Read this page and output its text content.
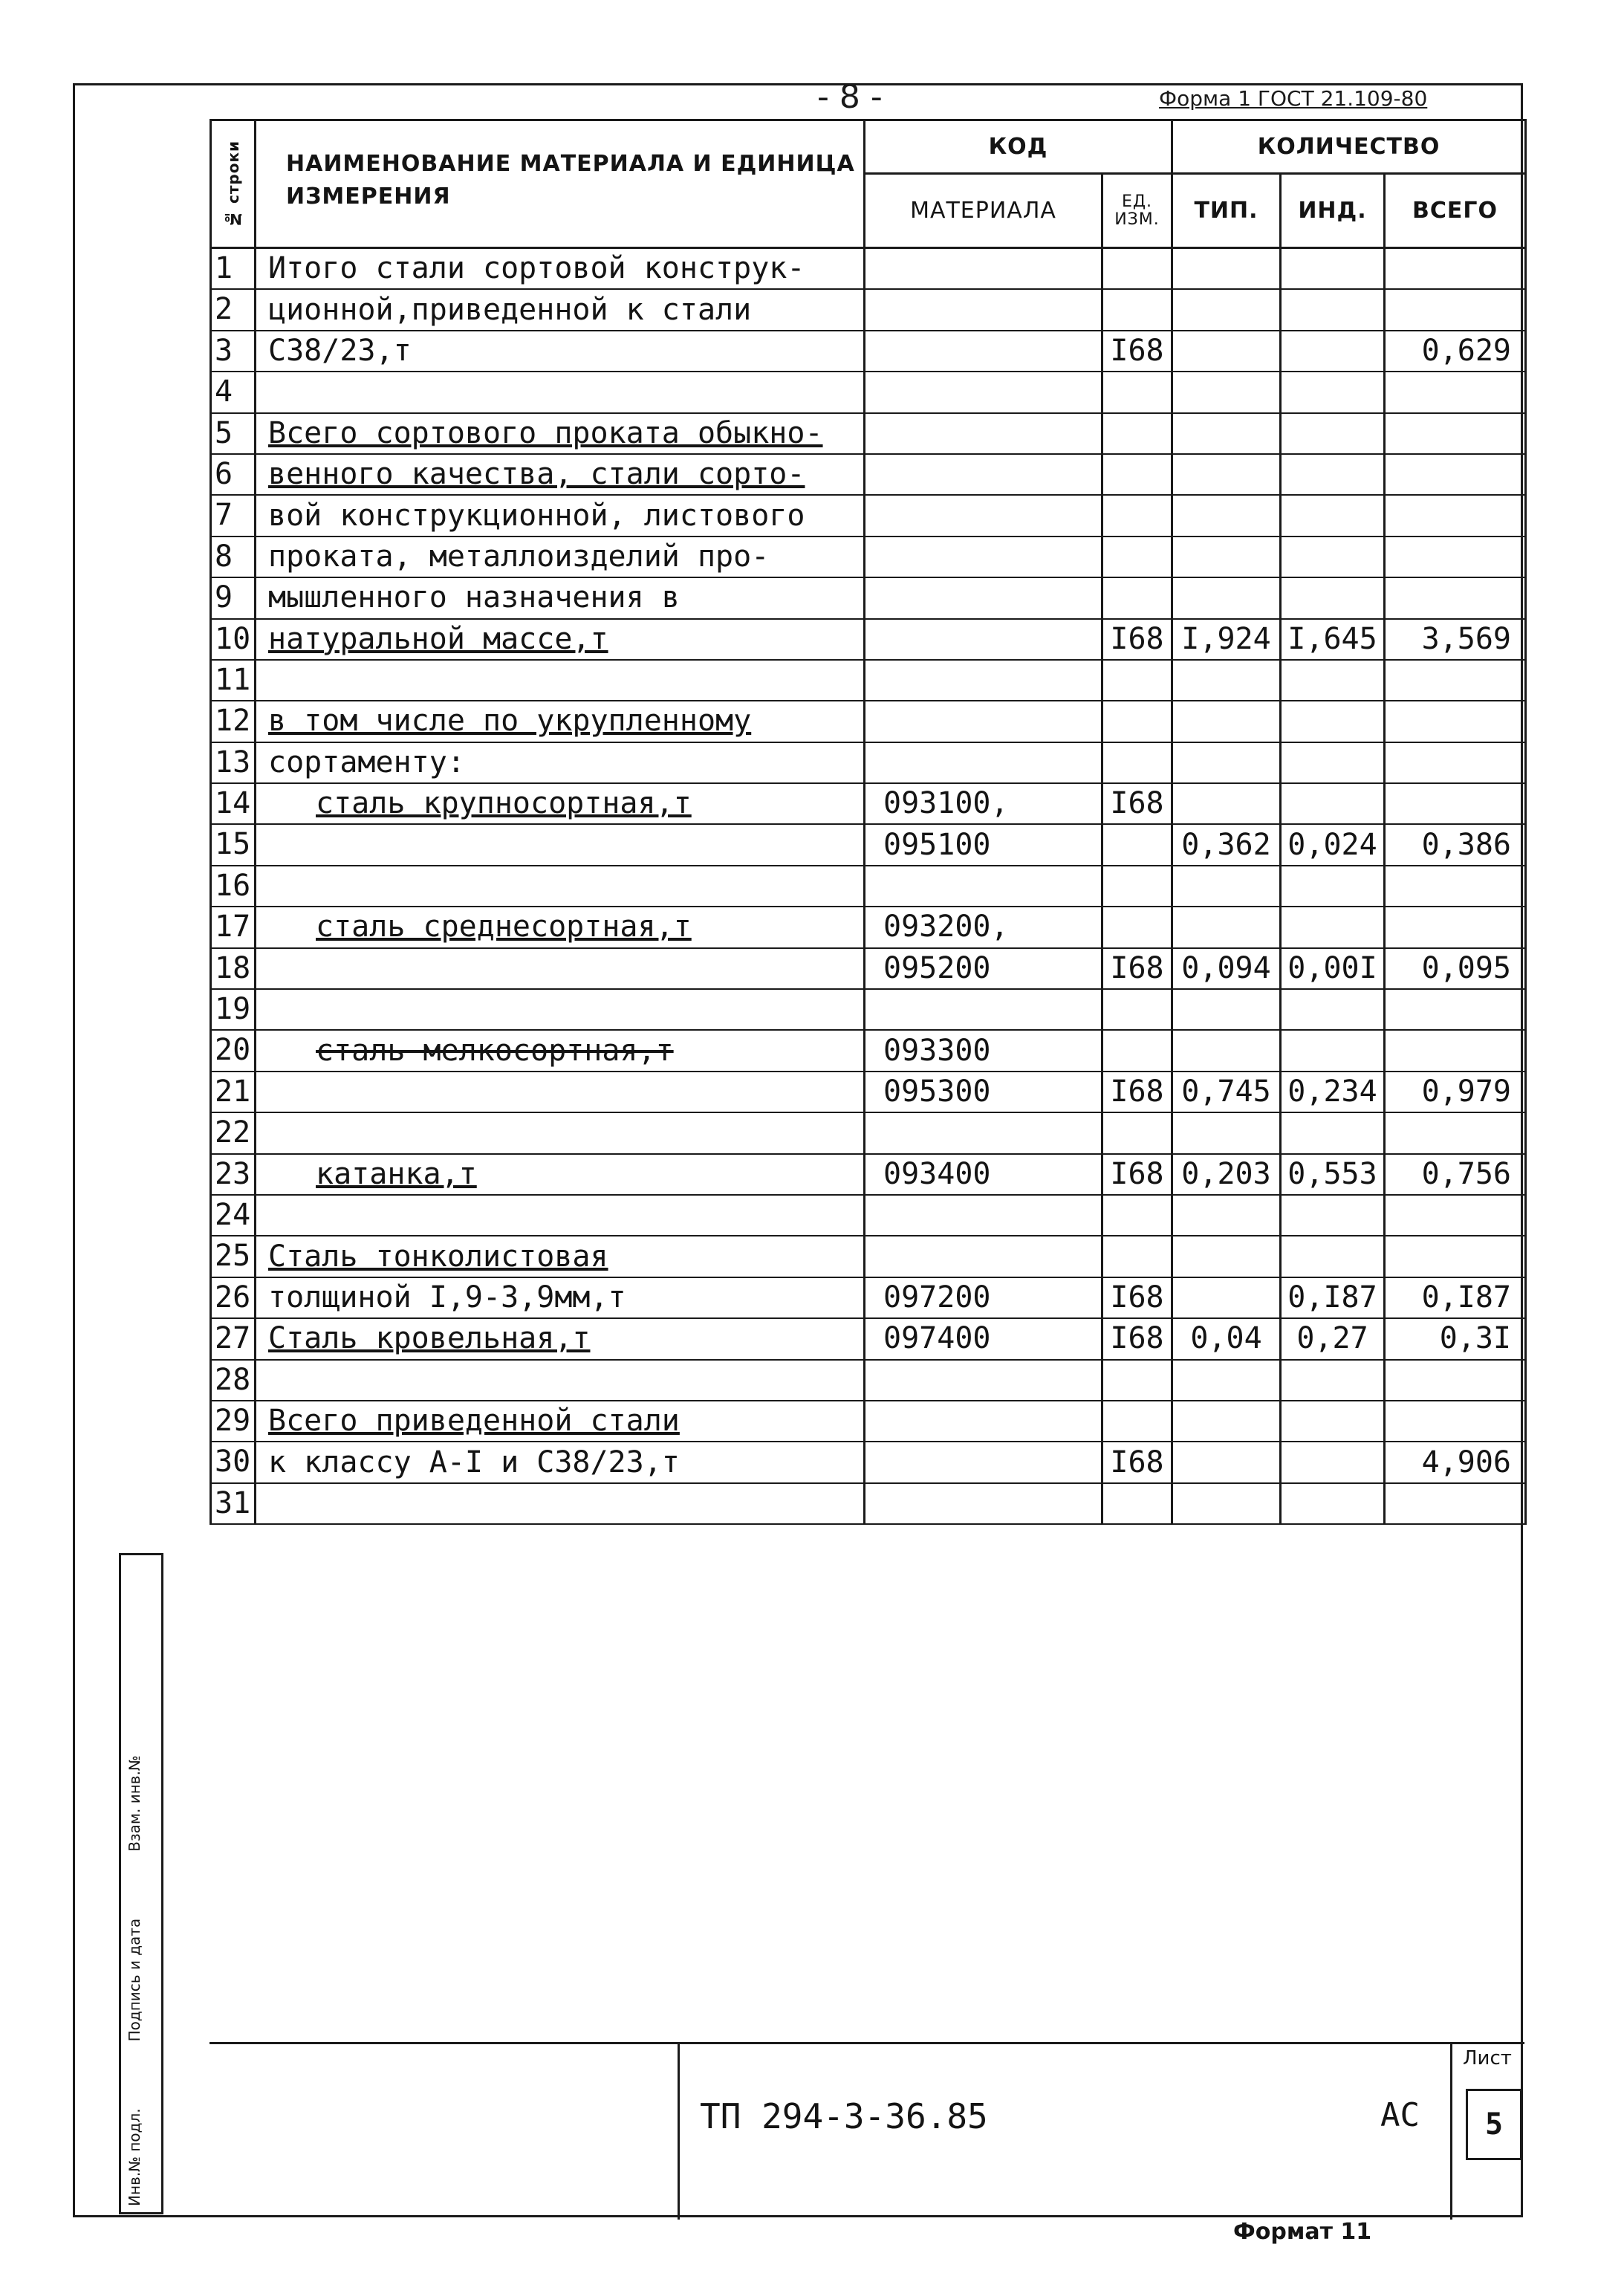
- 8 -	Форма 1 ГОСТ 21.109-80
№ строки	НАИМЕНОВАНИЕ МАТЕРИАЛА И ЕДИНИЦА ИЗМЕРЕНИЯ	КОД		КОЛИЧЕСТВО		
		МАТЕРИАЛА	ЕД. ИЗМ.	ТИП.	ИНД.	ВСЕГО
1	Итого стали сортовой конструк-					
2	ционной,приведенной к стали					
3	С38/23,т		I68			0,629
4						
5	Всего сортового проката обыкно-					
6	венного качества, стали сорто-					
7	вой конструкционной, листового					
8	проката, металлоизделий про-					
9	мышленного назначения в					
10	натуральной массе,т		I68	I,924	I,645	3,569
11						
12	в том числе по укрупленному					
13	сортаменту:					
14	сталь крупносортная,т	093100,	I68			
15		095100		0,362	0,024	0,386
16						
17	сталь среднесортная,т	093200,				
18		095200	I68	0,094	0,00I	0,095
19						
20	сталь мелкосортная,т	093300				
21		095300	I68	0,745	0,234	0,979
22						
23	катанка,т	093400	I68	0,203	0,553	0,756
24						
25	Сталь тонколистовая					
26	толщиной I,9-3,9мм,т	097200	I68		0,I87	0,I87
27	Сталь кровельная,т	097400	I68	0,04	0,27	0,3I
28						
29	Всего приведенной стали					
30	к классу А-I и С38/23,т		I68			4,906
31						
ТП 294-3-36.85	АС
Лист
5
Формат 11
Инв.№ подл.
Подпись и дата
Взам. инв.№
